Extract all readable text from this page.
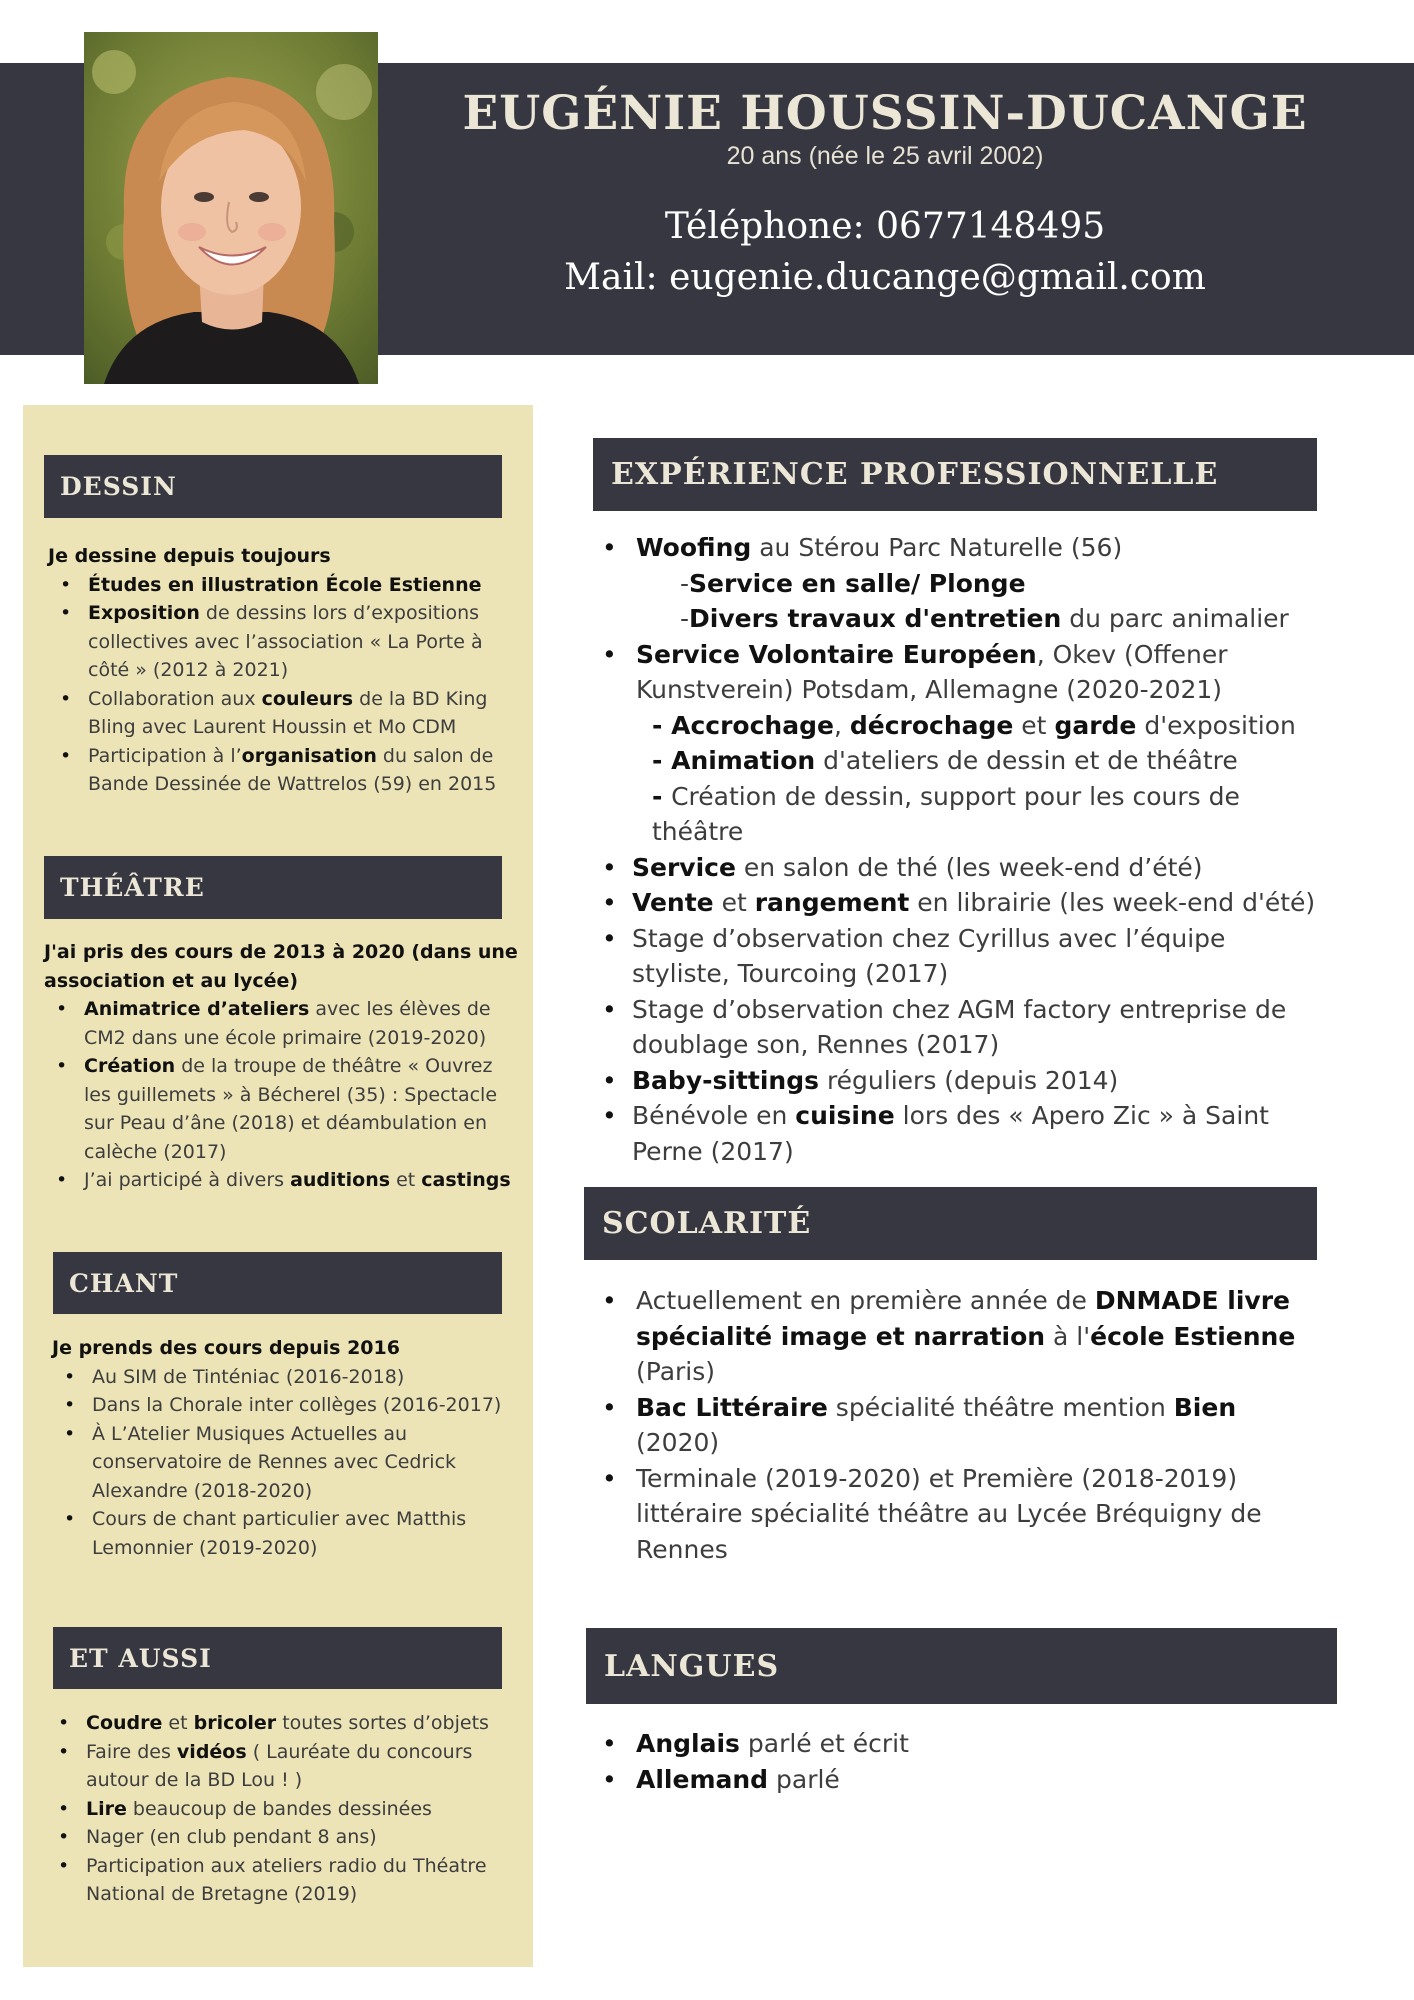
EUGÉNIE HOUSSIN-DUCANGE
20 ans (née le 25 avril 2002)
Téléphone: 0677148495
Mail: eugenie.ducange@gmail.com
DESSIN

Je dessine depuis toujours

• Études en illustration École Estienne
• Exposition de dessins lors d’expositions collectives avec l’association « La Porte à côté » (2012 à 2021)
• Collaboration aux couleurs de la BD King Bling avec Laurent Houssin et Mo CDM
• Participation à l’organisation du salon de Bande Dessinée de Wattrelos (59) en 2015
THÉÂTRE

J'ai pris des cours de 2013 à 2020 (dans une association et au lycée)

• Animatrice d’ateliers avec les élèves de CM2 dans une école primaire (2019-2020)
• Création de la troupe de théâtre « Ouvrez les guillemets » à Bécherel (35) : Spectacle sur Peau d’âne (2018) et déambulation en calèche (2017)
• J’ai participé à divers auditions et castings
CHANT

Je prends des cours depuis 2016

• Au SIM de Tinténiac (2016-2018)
• Dans la Chorale inter collèges (2016-2017)
• À L’Atelier Musiques Actuelles au conservatoire de Rennes avec Cedrick Alexandre (2018-2020)
• Cours de chant particulier avec Matthis Lemonnier (2019-2020)
ET AUSSI
• Coudre et bricoler toutes sortes d’objets
• Faire des vidéos ( Lauréate du concours autour de la BD Lou ! )
• Lire beaucoup de bandes dessinées
• Nager (en club pendant 8 ans)
• Participation aux ateliers radio du Théatre National de Bretagne (2019)
EXPÉRIENCE PROFESSIONNELLE
• Woofing au Stérou Parc Naturelle (56)
-Service en salle/ Plonge
-Divers travaux d'entretien du parc animalier
• Service Volontaire Européen, Okev (Offener Kunstverein) Potsdam, Allemagne (2020-2021)
- Accrochage, décrochage et garde d'exposition
- Animation d'ateliers de dessin et de théâtre
- Création de dessin, support pour les cours de théâtre
• Service en salon de thé (les week-end d’été)
• Vente et rangement en librairie (les week-end d'été)
• Stage d’observation chez Cyrillus avec l’équipe styliste, Tourcoing (2017)
• Stage d’observation chez AGM factory entreprise de doublage son, Rennes (2017)
• Baby-sittings réguliers (depuis 2014)
• Bénévole en cuisine lors des « Apero Zic » à Saint Perne (2017)
SCOLARITÉ
• Actuellement en première année de DNMADE livre spécialité image et narration à l'école Estienne (Paris)
• Bac Littéraire spécialité théâtre mention Bien (2020)
• Terminale (2019-2020) et Première (2018-2019) littéraire spécialité théâtre au Lycée Bréquigny de Rennes
LANGUES
• Anglais parlé et écrit
• Allemand parlé
